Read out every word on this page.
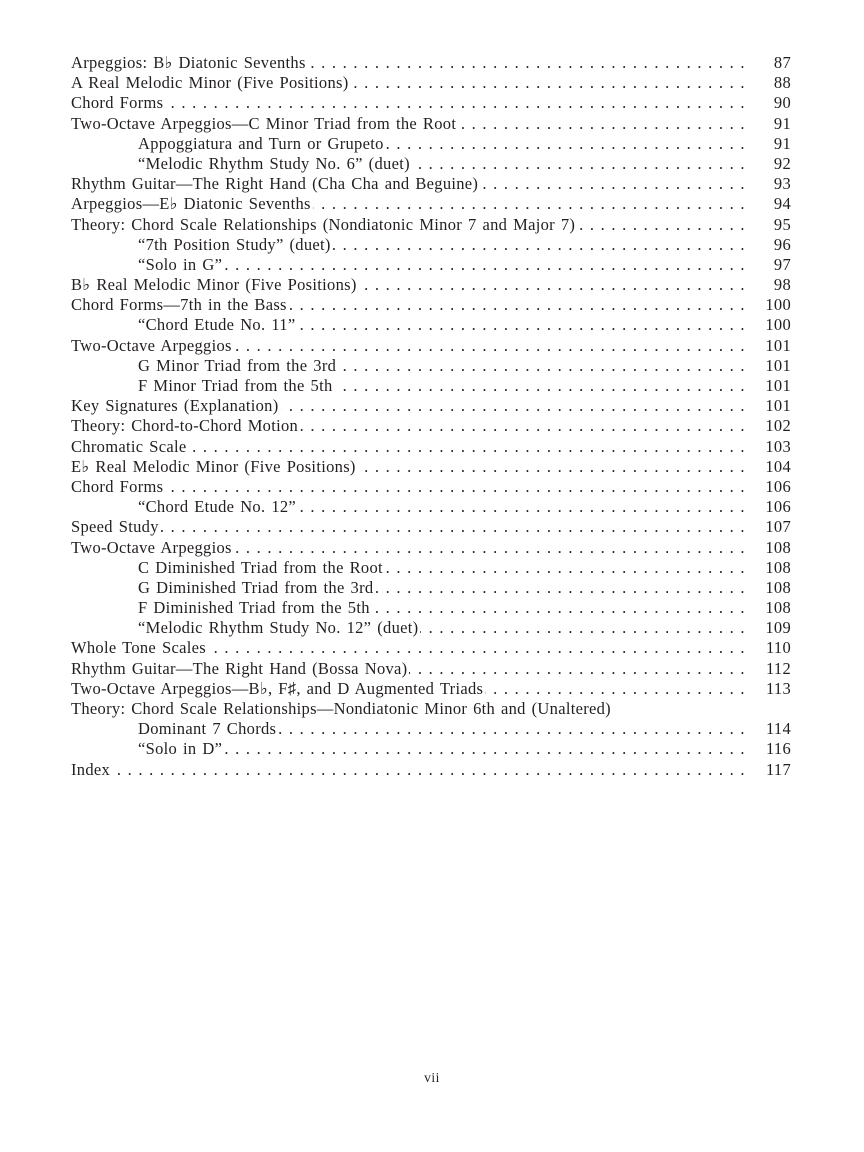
Arpeggios: B♭ Diatonic Sevenths . .	87
A Real Melodic Minor (Five Positions) . .	88
Chord Forms . .	90
Two-Octave Arpeggios—C Minor Triad from the Root . .	91
Appoggiatura and Turn or Grupeto . .	91
“Melodic Rhythm Study No. 6” (duet) . .	92
Rhythm Guitar—The Right Hand (Cha Cha and Beguine) . .	93
Arpeggios—E♭ Diatonic Sevenths . .	94
Theory: Chord Scale Relationships (Nondiatonic Minor 7 and Major 7) . .	95
“7th Position Study” (duet) . .	96
“Solo in G” . .	97
B♭ Real Melodic Minor (Five Positions) . .	98
Chord Forms—7th in the Bass . .	100
“Chord Etude No. 11” . .	100
Two-Octave Arpeggios . .	101
G Minor Triad from the 3rd . .	101
F Minor Triad from the 5th . .	101
Key Signatures (Explanation) . .	101
Theory: Chord-to-Chord Motion . .	102
Chromatic Scale . .	103
E♭ Real Melodic Minor (Five Positions) . .	104
Chord Forms . .	106
“Chord Etude No. 12” . .	106
Speed Study . .	107
Two-Octave Arpeggios . .	108
C Diminished Triad from the Root . .	108
G Diminished Triad from the 3rd . .	108
F Diminished Triad from the 5th . .	108
“Melodic Rhythm Study No. 12” (duet) . .	109
Whole Tone Scales . .	110
Rhythm Guitar—The Right Hand (Bossa Nova) . .	112
Two-Octave Arpeggios—B♭, F♯, and D Augmented Triads . .	113
Theory: Chord Scale Relationships—Nondiatonic Minor 6th and (Unaltered)
Dominant 7 Chords . .	114
“Solo in D” . .	116
Index . .	117
vii
